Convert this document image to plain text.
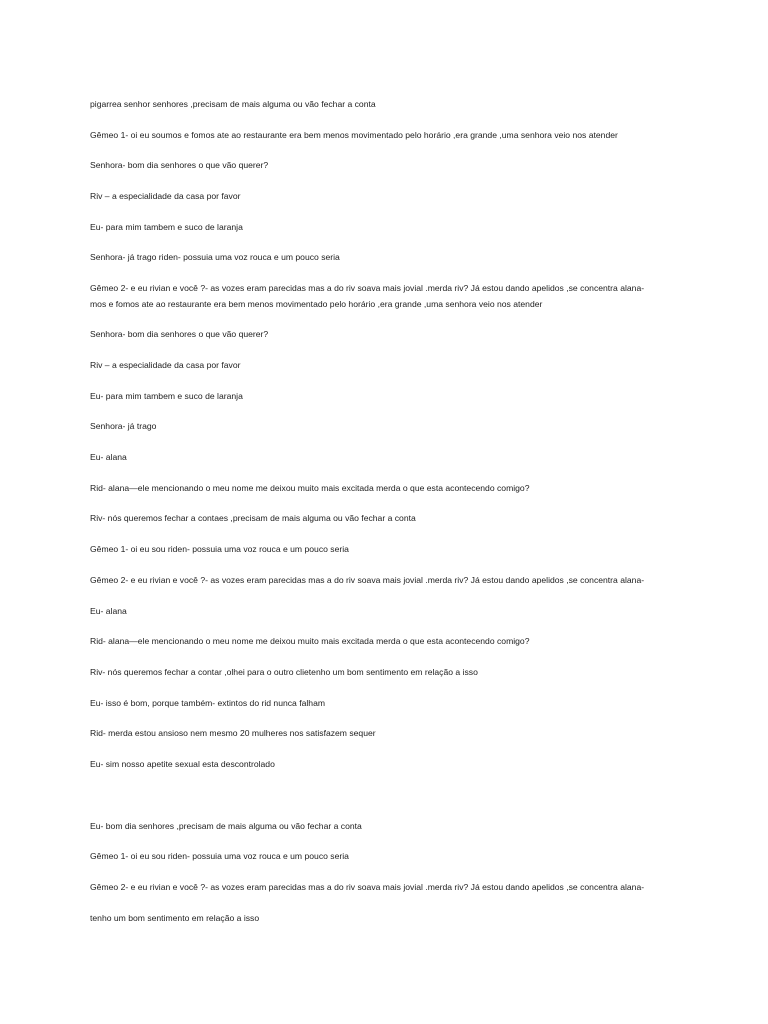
pigarrea senhor senhores ,precisam de mais alguma ou vão fechar a conta

Gêmeo 1- oi eu soumos e fomos ate ao restaurante era bem menos movimentado pelo horário ,era grande ,uma senhora veio nos atender

Senhora- bom dia senhores o que vão querer?

Riv – a especialidade da casa por favor

Eu- para mim tambem e suco de laranja

Senhora- já trago riden- possuia uma voz rouca e um pouco seria

Gêmeo 2- e eu rivian e você ?- as vozes eram parecidas mas a do riv soava mais jovial .merda riv? Já estou dando apelidos ,se concentra alana-

mos e fomos ate ao restaurante era bem menos movimentado pelo horário ,era grande ,uma senhora veio nos atender

Senhora- bom dia senhores o que vão querer?

Riv – a especialidade da casa por favor

Eu- para mim tambem e suco de laranja

Senhora- já trago

Eu- alana

Rid- alana—ele mencionando o meu nome me deixou muito mais excitada merda o que esta acontecendo comigo?

Riv- nós queremos fechar a contaes ,precisam de mais alguma ou vão fechar a conta

Gêmeo 1- oi eu sou riden- possuia uma voz rouca e um pouco seria

Gêmeo 2- e eu rivian e você ?- as vozes eram parecidas mas a do riv soava mais jovial .merda riv? Já estou dando apelidos ,se concentra alana-

Eu- alana

Rid- alana—ele mencionando o meu nome me deixou muito mais excitada merda o que esta acontecendo comigo?

Riv- nós queremos fechar a contar ,olhei para o outro clietenho um bom sentimento em relação a isso

Eu- isso é bom, porque também- extintos do rid nunca falham

Rid- merda estou ansioso nem mesmo 20 mulheres nos satisfazem sequer

Eu- sim nosso apetite sexual esta descontrolado

Eu- bom dia senhores ,precisam de mais alguma ou vão fechar a conta

Gêmeo 1- oi eu sou riden- possuia uma voz rouca e um pouco seria

Gêmeo 2- e eu rivian e você ?- as vozes eram parecidas mas a do riv soava mais jovial .merda riv? Já estou dando apelidos ,se concentra alana-

tenho um bom sentimento em relação a isso
